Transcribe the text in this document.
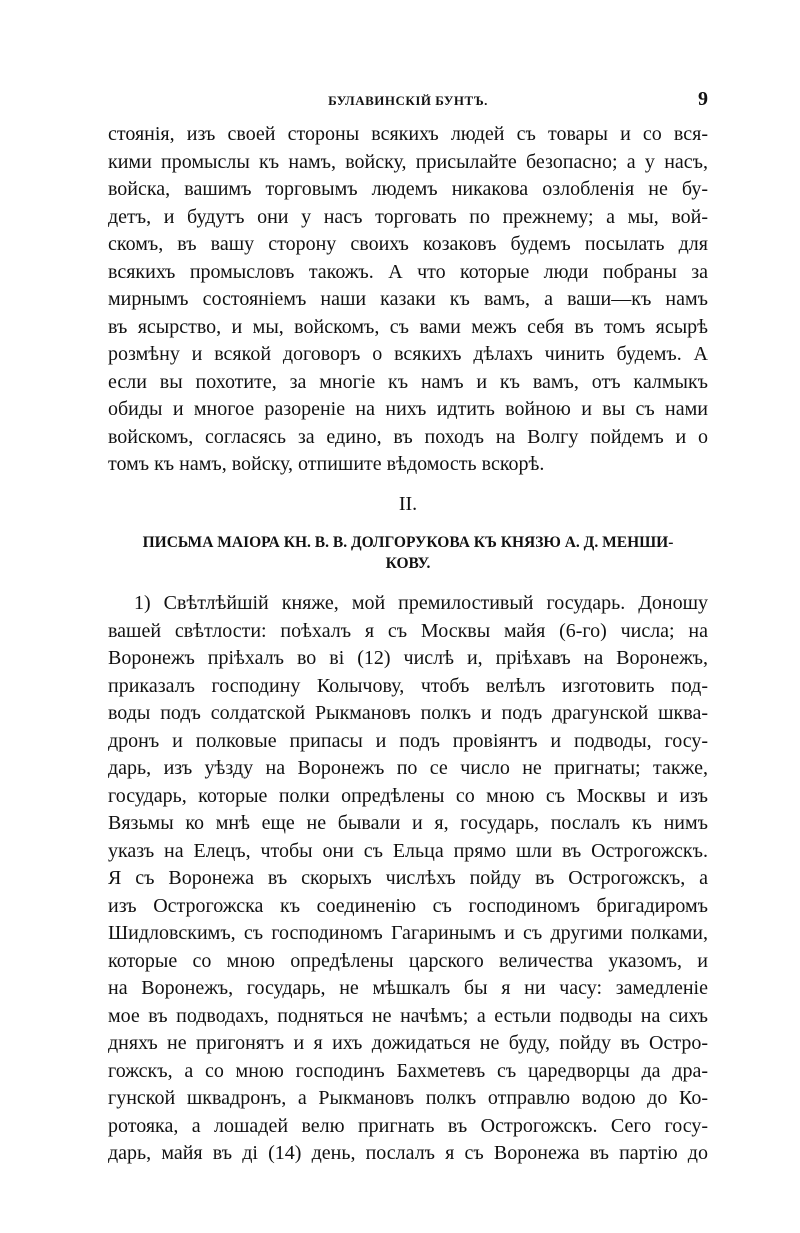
БУЛАВИНСКІЙ БУНТЪ.	9
стоянія, изъ своей стороны всякихъ людей съ товары и со вся-
кими промыслы къ намъ, войску, присылайте безопасно; а у насъ,
войска, вашимъ торговымъ людемъ никакова озлобленія не бу-
детъ, и будутъ они у насъ торговать по прежнему; а мы, вой-
скомъ, въ вашу сторону своихъ козаковъ будемъ посылать для
всякихъ промысловъ такожъ. А что которые люди побраны за
мирнымъ состояніемъ наши казаки къ вамъ, а ваши—къ намъ
въ ясырство, и мы, войскомъ, съ вами межъ себя въ томъ ясырѣ
розмѣну и всякой договоръ о всякихъ дѣлахъ чинить будемъ. А
если вы похотите, за многіе къ намъ и къ вамъ, отъ калмыкъ
обиды и многое разореніе на нихъ идтить войною и вы съ нами
войскомъ, согласясь за едино, въ походъ на Волгу пойдемъ и о
томъ къ намъ, войску, отпишите вѣдомость вскорѣ.
II.
ПИСЬМА МАІОРА КН. В. В. ДОЛГОРУКОВА КЪ КНЯЗЮ А. Д. МЕНШИ-
КОВУ.
1) Свѣтлѣйшій княже, мой премилостивый государь. Доношу
вашей свѣтлости: поѣхалъ я съ Москвы майя (6-го) числа; на
Воронежъ пріѣхалъ во ві (12) числѣ и, пріѣхавъ на Воронежъ,
приказалъ господину Колычову, чтобъ велѣлъ изготовить под-
воды подъ солдатской Рыкмановъ полкъ и подъ драгунской шква-
дронъ и полковые припасы и подъ провіянтъ и подводы, госу-
дарь, изъ уѣзду на Воронежъ по се число не пригнаты; также,
государь, которые полки опредѣлены со мною съ Москвы и изъ
Вязьмы ко мнѣ еще не бывали и я, государь, послалъ къ нимъ
указъ на Елецъ, чтобы они съ Ельца прямо шли въ Острогожскъ.
Я съ Воронежа въ скорыхъ числѣхъ пойду въ Острогожскъ, а
изъ Острогожска къ соединенію съ господиномъ бригадиромъ
Шидловскимъ, съ господиномъ Гагаринымъ и съ другими полками,
которые со мною опредѣлены царского величества указомъ, и
на Воронежъ, государь, не мѣшкалъ бы я ни часу: замедленіе
мое въ подводахъ, подняться не начѣмъ; а естьли подводы на сихъ
дняхъ не пригонятъ и я ихъ дожидаться не буду, пойду въ Остро-
гожскъ, а со мною господинъ Бахметевъ съ царедворцы да дра-
гунской шквадронъ, а Рыкмановъ полкъ отправлю водою до Ко-
ротояка, а лошадей велю пригнать въ Острогожскъ. Сего госу-
дарь, майя въ ді (14) день, послалъ я съ Воронежа въ партію до
